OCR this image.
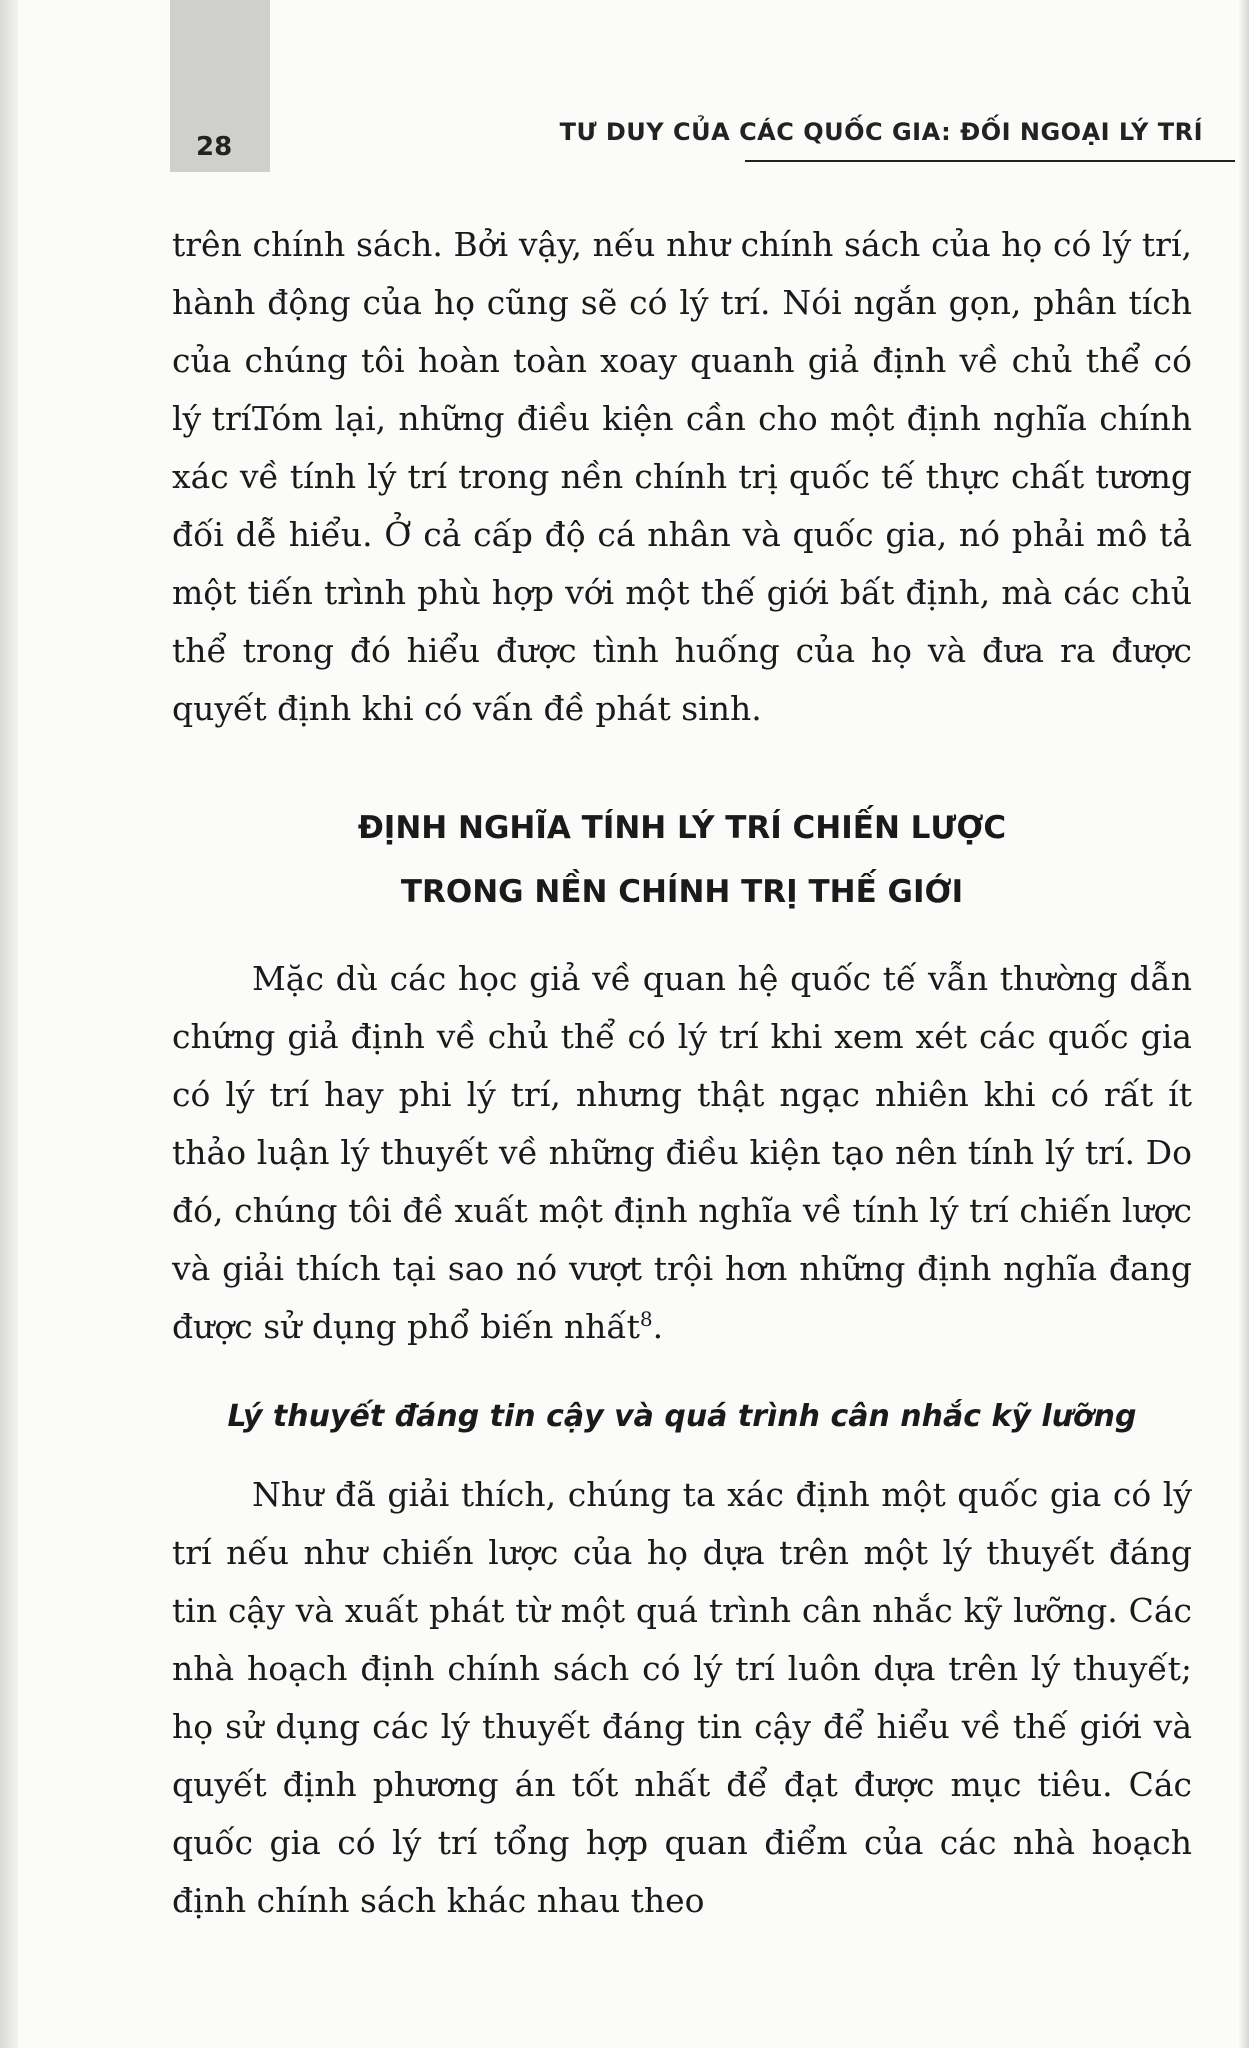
28	TƯ DUY CỦA CÁC QUỐC GIA: ĐỐI NGOẠI LÝ TRÍ

trên chính sách. Bởi vậy, nếu như chính sách của họ có lý trí, hành động của họ cũng sẽ có lý trí. Nói ngắn gọn, phân tích của chúng tôi hoàn toàn xoay quanh giả định về chủ thể có lý trí.

Tóm lại, những điều kiện cần cho một định nghĩa chính xác về tính lý trí trong nền chính trị quốc tế thực chất tương đối dễ hiểu. Ở cả cấp độ cá nhân và quốc gia, nó phải mô tả một tiến trình phù hợp với một thế giới bất định, mà các chủ thể trong đó hiểu được tình huống của họ và đưa ra được quyết định khi có vấn đề phát sinh.

ĐỊNH NGHĨA TÍNH LÝ TRÍ CHIẾN LƯỢC
TRONG NỀN CHÍNH TRỊ THẾ GIỚI

Mặc dù các học giả về quan hệ quốc tế vẫn thường dẫn chứng giả định về chủ thể có lý trí khi xem xét các quốc gia có lý trí hay phi lý trí, nhưng thật ngạc nhiên khi có rất ít thảo luận lý thuyết về những điều kiện tạo nên tính lý trí. Do đó, chúng tôi đề xuất một định nghĩa về tính lý trí chiến lược và giải thích tại sao nó vượt trội hơn những định nghĩa đang được sử dụng phổ biến nhất$^8$.

Lý thuyết đáng tin cậy và quá trình cân nhắc kỹ lưỡng

Như đã giải thích, chúng ta xác định một quốc gia có lý trí nếu như chiến lược của họ dựa trên một lý thuyết đáng tin cậy và xuất phát từ một quá trình cân nhắc kỹ lưỡng. Các nhà hoạch định chính sách có lý trí luôn dựa trên lý thuyết; họ sử dụng các lý thuyết đáng tin cậy để hiểu về thế giới và quyết định phương án tốt nhất để đạt được mục tiêu. Các quốc gia có lý trí tổng hợp quan điểm của các nhà hoạch định chính sách khác nhau theo
